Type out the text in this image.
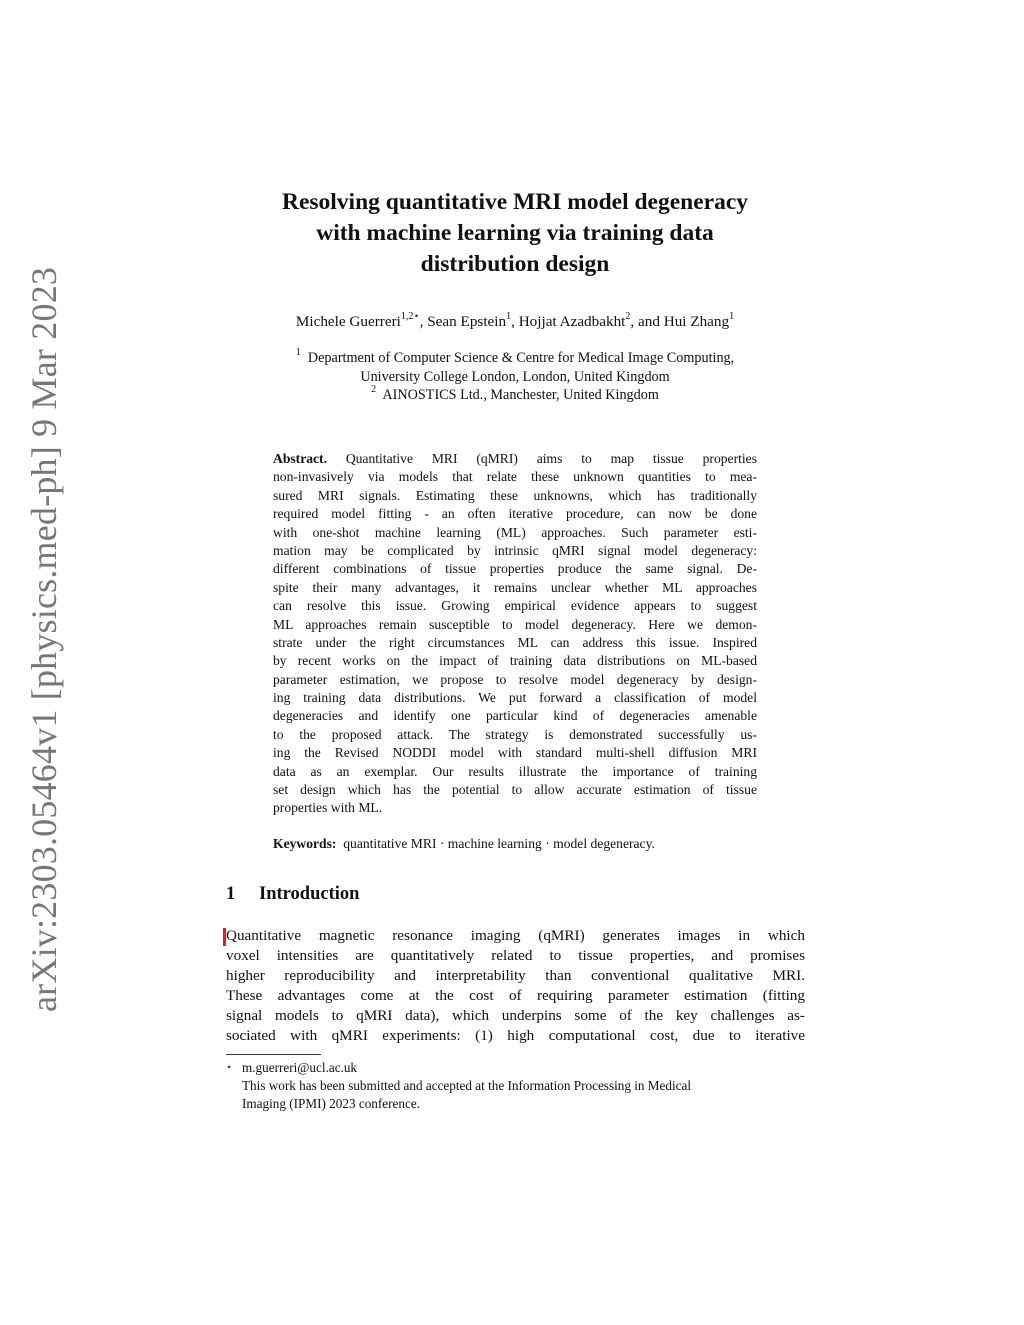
arXiv:2303.05464v1 [physics.med-ph] 9 Mar 2023
Resolving quantitative MRI model degeneracy
with machine learning via training data
distribution design
Michele Guerreri$^{1,2⋆}$, Sean Epstein$^1$, Hojjat Azadbakht$^2$, and Hui Zhang$^1$
$^1$ Department of Computer Science & Centre for Medical Image Computing,
University College London, London, United Kingdom
$^2$ AINOSTICS Ltd., Manchester, United Kingdom
Abstract. Quantitative MRI (qMRI) aims to map tissue properties
non-invasively via models that relate these unknown quantities to mea-
sured MRI signals. Estimating these unknowns, which has traditionally
required model fitting - an often iterative procedure, can now be done
with one-shot machine learning (ML) approaches. Such parameter esti-
mation may be complicated by intrinsic qMRI signal model degeneracy:
different combinations of tissue properties produce the same signal. De-
spite their many advantages, it remains unclear whether ML approaches
can resolve this issue. Growing empirical evidence appears to suggest
ML approaches remain susceptible to model degeneracy. Here we demon-
strate under the right circumstances ML can address this issue. Inspired
by recent works on the impact of training data distributions on ML-based
parameter estimation, we propose to resolve model degeneracy by design-
ing training data distributions. We put forward a classification of model
degeneracies and identify one particular kind of degeneracies amenable
to the proposed attack. The strategy is demonstrated successfully us-
ing the Revised NODDI model with standard multi-shell diffusion MRI
data as an exemplar. Our results illustrate the importance of training
set design which has the potential to allow accurate estimation of tissue
properties with ML.
Keywords: quantitative MRI · machine learning · model degeneracy.
1 Introduction
Quantitative magnetic resonance imaging (qMRI) generates images in which
voxel intensities are quantitatively related to tissue properties, and promises
higher reproducibility and interpretability than conventional qualitative MRI.
These advantages come at the cost of requiring parameter estimation (fitting
signal models to qMRI data), which underpins some of the key challenges as-
sociated with qMRI experiments: (1) high computational cost, due to iterative
⋆ m.guerreri@ucl.ac.uk
This work has been submitted and accepted at the Information Processing in Medical
Imaging (IPMI) 2023 conference.
